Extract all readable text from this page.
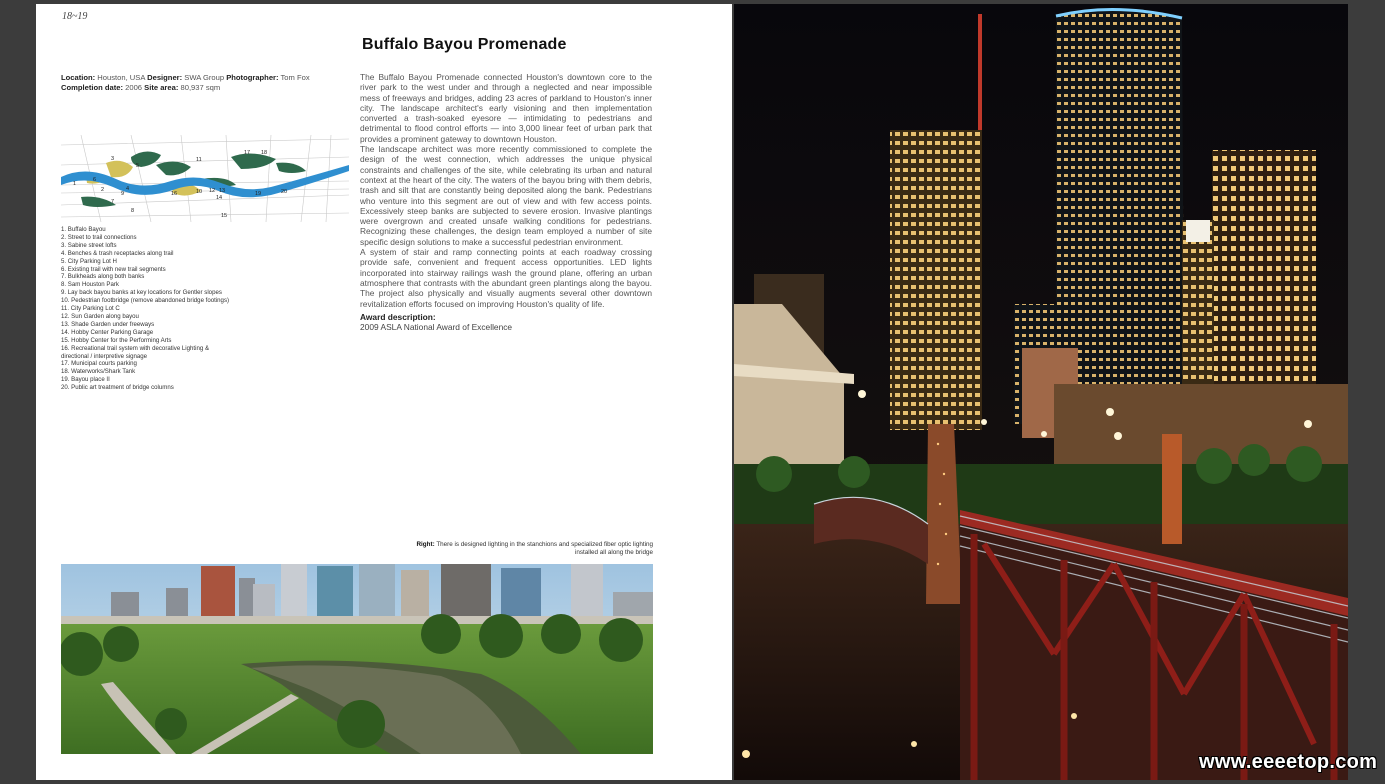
18~19
Buffalo Bayou Promenade
Location: Houston, USA Designer: SWA Group Photographer: Tom Fox
Completion date: 2006 Site area: 80,937 sqm
3
5
11
17 18
4
2
7
8
9	16	10 12 13
14
15
19	20
1
6
1. Buffalo Bayou
2. Street to trail connections
3. Sabine street lofts
4. Benches & trash receptacles along trail
5. City Parking Lot H
6. Existing trail with new trail segments
7. Bulkheads along both banks
8. Sam Houston Park
9. Lay back bayou banks at key locations for Gentler slopes
10. Pedestrian footbridge (remove abandoned bridge footings)
11. City Parking Lot C
12. Sun Garden along bayou
13. Shade Garden under freeways
14. Hobby Center Parking Garage
15. Hobby Center for the Performing Arts
16. Recreational trail system with decorative Lighting & directional / interpretive signage
17. Municipal courts parking
18. Waterworks/Shark Tank
19. Bayou place II
20. Public art treatment of bridge columns

The Buffalo Bayou Promenade connected Houston's downtown core to the river park to the west under and through a neglected and near impossible mess of freeways and bridges, adding 23 acres of parkland to Houston's inner city. The landscape architect's early visioning and then implementation converted a trash-soaked eyesore — intimidating to pedestrians and detrimental to flood control efforts — into 3,000 linear feet of urban park that provides a prominent gateway to downtown Houston.

The landscape architect was more recently commissioned to complete the design of the west connection, which addresses the unique physical constraints and challenges of the site, while celebrating its urban and natural context at the heart of the city. The waters of the bayou bring with them debris, trash and silt that are constantly being deposited along the bank. Pedestrians who venture into this segment are out of view and with few access points. Excessively steep banks are subjected to severe erosion. Invasive plantings were overgrown and created unsafe walking conditions for pedestrians. Recognizing these challenges, the design team employed a number of site specific design solutions to make a successful pedestrian environment.

A system of stair and ramp connecting points at each roadway crossing provide safe, convenient and frequent access opportunities. LED lights incorporated into stairway railings wash the ground plane, offering an urban atmosphere that contrasts with the abundant green plantings along the bayou. The project also physically and visually augments several other downtown revitalization efforts focused on improving Houston's quality of life.

Award description:

2009 ASLA National Award of Excellence

Right: There is designed lighting in the stanchions and specialized fiber optic lighting installed all along the bridge
www.eeeetop.com
